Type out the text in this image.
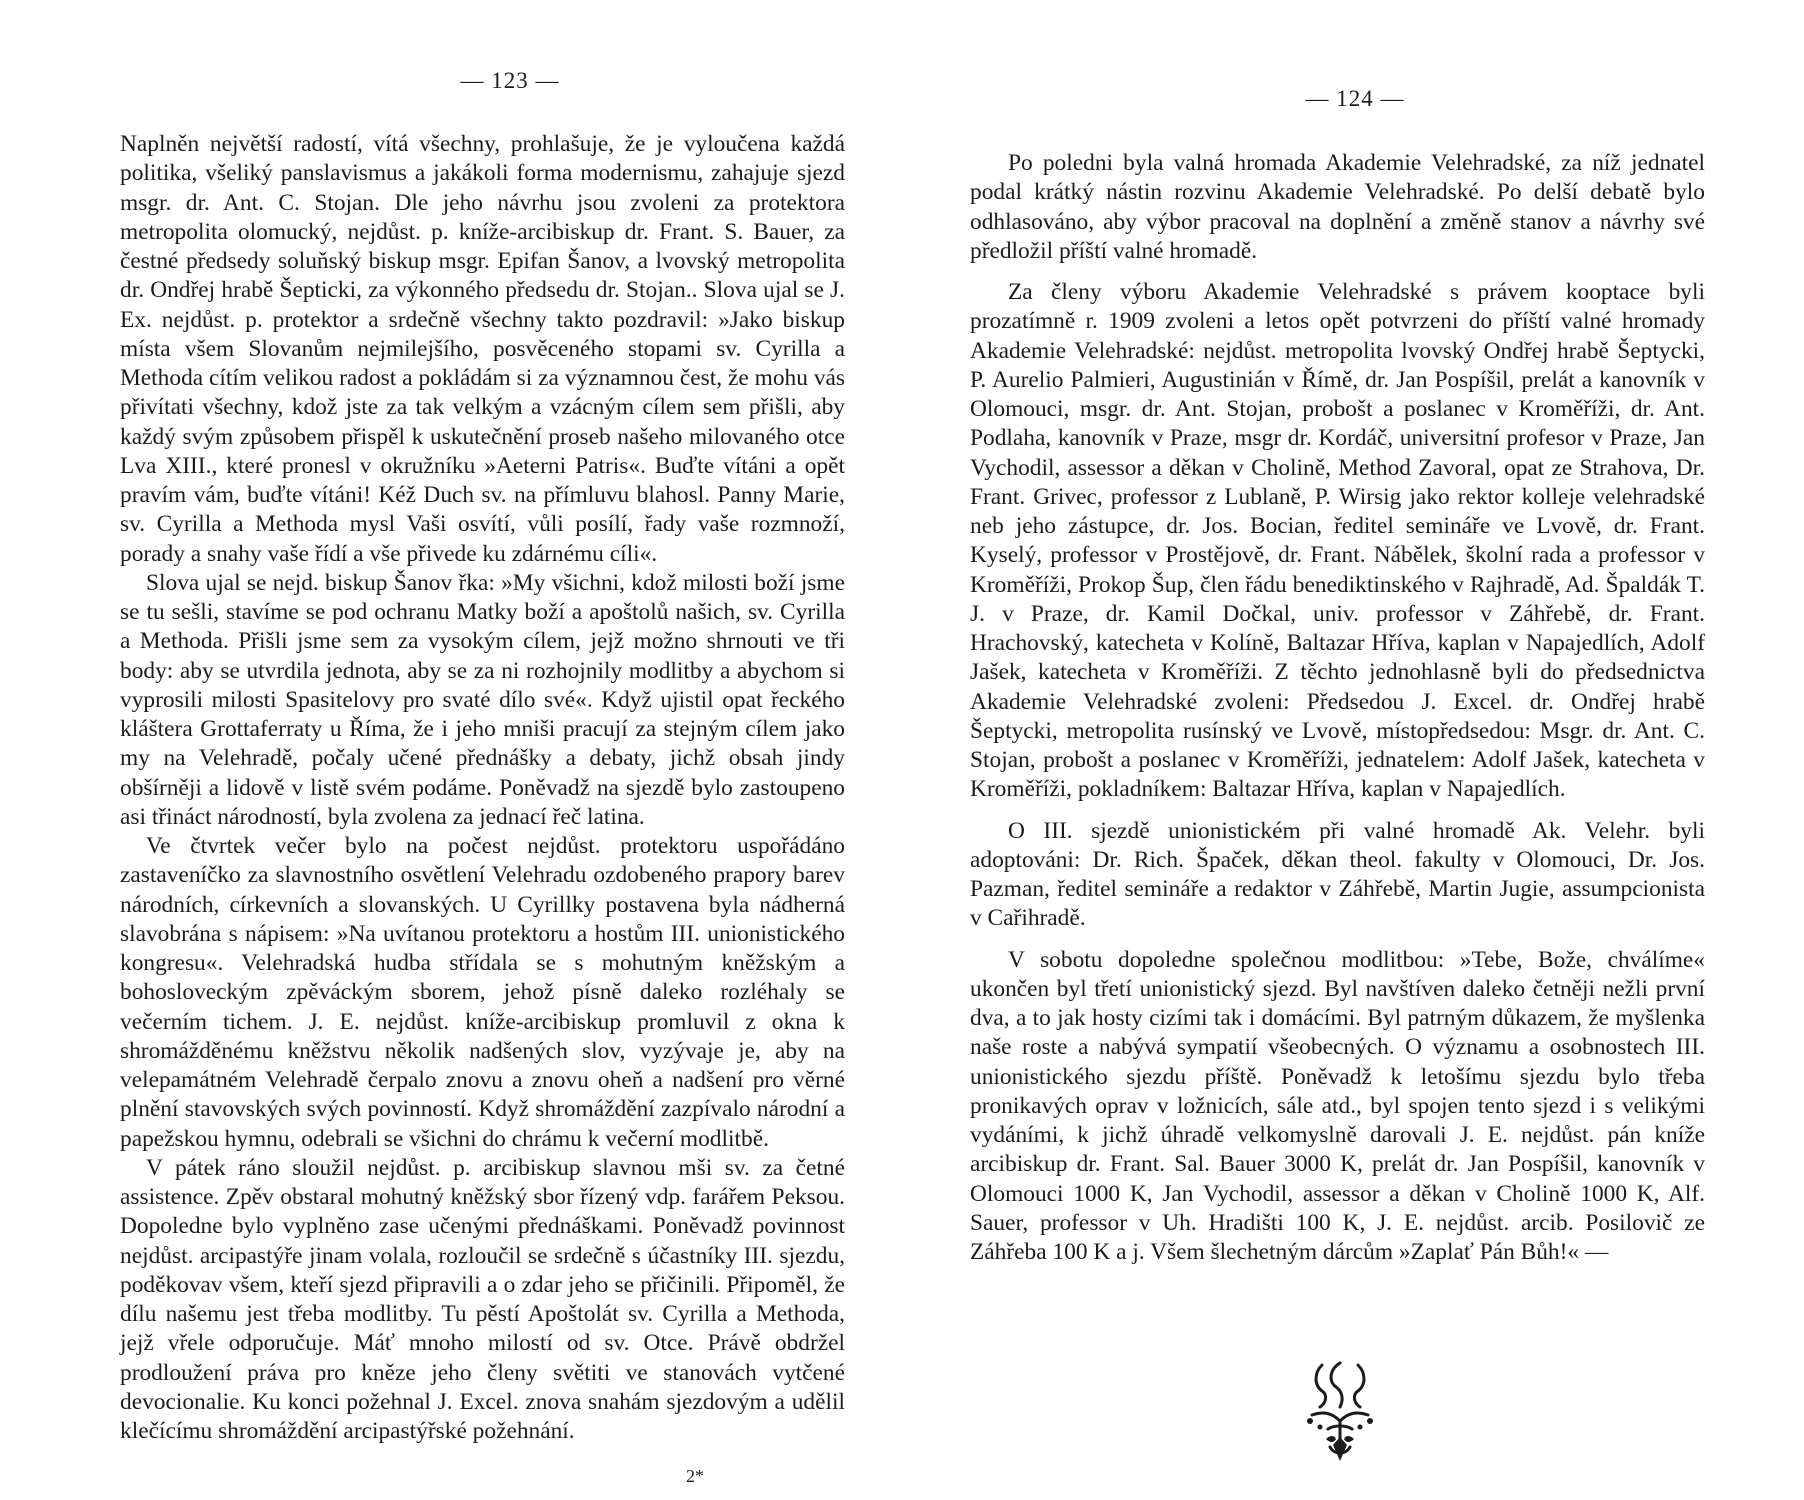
— 123 —

Naplněn největší radostí, vítá všechny, prohlašuje, že je vyloučena každá politika, všeliký panslavismus a jakákoli forma modernismu, zahajuje sjezd msgr. dr. Ant. C. Stojan. Dle jeho návrhu jsou zvoleni za protektora metropolita olomucký, nejdůst. p. kníže-arcibiskup dr. Frant. S. Bauer, za čestné předsedy soluňský biskup msgr. Epifan Šanov, a lvovský metropolita dr. Ondřej hrabě Šepticki, za výkonného předsedu dr. Stojan.. Slova ujal se J. Ex. nejdůst. p. protektor a srdečně všechny takto pozdravil: »Jako biskup místa všem Slovanům nejmilejšího, posvěceného stopami sv. Cyrilla a Methoda cítím velikou radost a pokládám si za významnou čest, že mohu vás přivítati všechny, kdož jste za tak velkým a vzácným cílem sem přišli, aby každý svým způsobem přispěl k uskutečnění proseb našeho milovaného otce Lva XIII., které pronesl v okružníku »Aeterni Patris«. Buďte vítáni a opět pravím vám, buďte vítáni! Kéž Duch sv. na přímluvu blahosl. Panny Marie, sv. Cyrilla a Methoda mysl Vaši osvítí, vůli posílí, řady vaše rozmnoží, porady a snahy vaše řídí a vše přivede ku zdárnému cíli«.

Slova ujal se nejd. biskup Šanov řka: »My všichni, kdož milosti boží jsme se tu sešli, stavíme se pod ochranu Matky boží a apoštolů našich, sv. Cyrilla a Methoda. Přišli jsme sem za vysokým cílem, jejž možno shrnouti ve tři body: aby se utvrdila jednota, aby se za ni rozhojnily modlitby a abychom si vyprosili milosti Spasitelovy pro svaté dílo své«. Když ujistil opat řeckého kláštera Grottaferraty u Říma, že i jeho mniši pracují za stejným cílem jako my na Velehradě, počaly učené přednášky a debaty, jichž obsah jindy obšírněji a lidově v listě svém podáme. Poněvadž na sjezdě bylo zastoupeno asi třináct národností, byla zvolena za jednací řeč latina.

Ve čtvrtek večer bylo na počest nejdůst. protektoru uspořádáno zastaveníčko za slavnostního osvětlení Velehradu ozdobeného prapory barev národních, církevních a slovanských. U Cyrillky postavena byla nádherná slavobrána s nápisem: »Na uvítanou protektoru a hostům III. unionistického kongresu«. Velehradská hudba střídala se s mohutným kněžským a bohosloveckým zpěváckým sborem, jehož písně daleko rozléhaly se večerním tichem. J. E. nejdůst. kníže-arcibiskup promluvil z okna k shromážděnému kněžstvu několik nadšených slov, vyzývaje je, aby na velepamátném Velehradě čerpalo znovu a znovu oheň a nadšení pro věrné plnění stavovských svých povinností. Když shromáždění zazpívalo národní a papežskou hymnu, odebrali se všichni do chrámu k večerní modlitbě.

V pátek ráno sloužil nejdůst. p. arcibiskup slavnou mši sv. za četné assistence. Zpěv obstaral mohutný kněžský sbor řízený vdp. farářem Peksou. Dopoledne bylo vyplněno zase učenými přednáškami. Poněvadž povinnost nejdůst. arcipastýře jinam volala, rozloučil se srdečně s účastníky III. sjezdu, poděkovav všem, kteří sjezd připravili a o zdar jeho se přičinili. Připoměl, že dílu našemu jest třeba modlitby. Tu pěstí Apoštolát sv. Cyrilla a Methoda, jejž vřele odporučuje. Máť mnoho milostí od sv. Otce. Právě obdržel prodloužení práva pro kněze jeho členy světiti ve stanovách vytčené devocionalie. Ku konci požehnal J. Excel. znova snahám sjezdovým a udělil klečícímu shromáždění arcipastýřské požehnání.

2*
— 124 —

Po poledni byla valná hromada Akademie Velehradské, za níž jednatel podal krátký nástin rozvinu Akademie Velehradské. Po delší debatě bylo odhlasováno, aby výbor pracoval na doplnění a změně stanov a návrhy své předložil příští valné hromadě.

Za členy výboru Akademie Velehradské s právem kooptace byli prozatímně r. 1909 zvoleni a letos opět potvrzeni do příští valné hromady Akademie Velehradské: nejdůst. metropolita lvovský Ondřej hrabě Šeptycki, P. Aurelio Palmieri, Augustinián v Římě, dr. Jan Pospíšil, prelát a kanovník v Olomouci, msgr. dr. Ant. Stojan, probošt a poslanec v Kroměříži, dr. Ant. Podlaha, kanovník v Praze, msgr dr. Kordáč, universitní profesor v Praze, Jan Vychodil, assessor a děkan v Cholině, Method Zavoral, opat ze Strahova, Dr. Frant. Grivec, professor z Lublaně, P. Wirsig jako rektor kolleje velehradské neb jeho zástupce, dr. Jos. Bocian, ředitel semináře ve Lvově, dr. Frant. Kyselý, professor v Prostějově, dr. Frant. Nábělek, školní rada a professor v Kroměříži, Prokop Šup, člen řádu benediktinského v Rajhradě, Ad. Špaldák T. J. v Praze, dr. Kamil Dočkal, univ. professor v Záhřebě, dr. Frant. Hrachovský, katecheta v Kolíně, Baltazar Hříva, kaplan v Napajedlích, Adolf Jašek, katecheta v Kroměříži. Z těchto jednohlasně byli do předsednictva Akademie Velehradské zvoleni: Předsedou J. Excel. dr. Ondřej hrabě Šeptycki, metropolita rusínský ve Lvově, místopředsedou: Msgr. dr. Ant. C. Stojan, probošt a poslanec v Kroměříži, jednatelem: Adolf Jašek, katecheta v Kroměříži, pokladníkem: Baltazar Hříva, kaplan v Napajedlích.

O III. sjezdě unionistickém při valné hromadě Ak. Velehr. byli adoptováni: Dr. Rich. Špaček, děkan theol. fakulty v Olomouci, Dr. Jos. Pazman, ředitel semináře a redaktor v Záhřebě, Martin Jugie, assumpcionista v Cařihradě.

V sobotu dopoledne společnou modlitbou: »Tebe, Bože, chválíme« ukončen byl třetí unionistický sjezd. Byl navštíven daleko četněji nežli první dva, a to jak hosty cizími tak i domácími. Byl patrným důkazem, že myšlenka naše roste a nabývá sympatií všeobecných. O významu a osobnostech III. unionistického sjezdu příště. Poněvadž k letošímu sjezdu bylo třeba pronikavých oprav v ložnicích, sále atd., byl spojen tento sjezd i s velikými vydáními, k jichž úhradě velkomyslně darovali J. E. nejdůst. pán kníže arcibiskup dr. Frant. Sal. Bauer 3000 K, prelát dr. Jan Pospíšil, kanovník v Olomouci 1000 K, Jan Vychodil, assessor a děkan v Cholině 1000 K, Alf. Sauer, professor v Uh. Hradišti 100 K, J. E. nejdůst. arcib. Posilovič ze Záhřeba 100 K a j. Všem šlechetným dárcům »Zaplať Pán Bůh!« —
